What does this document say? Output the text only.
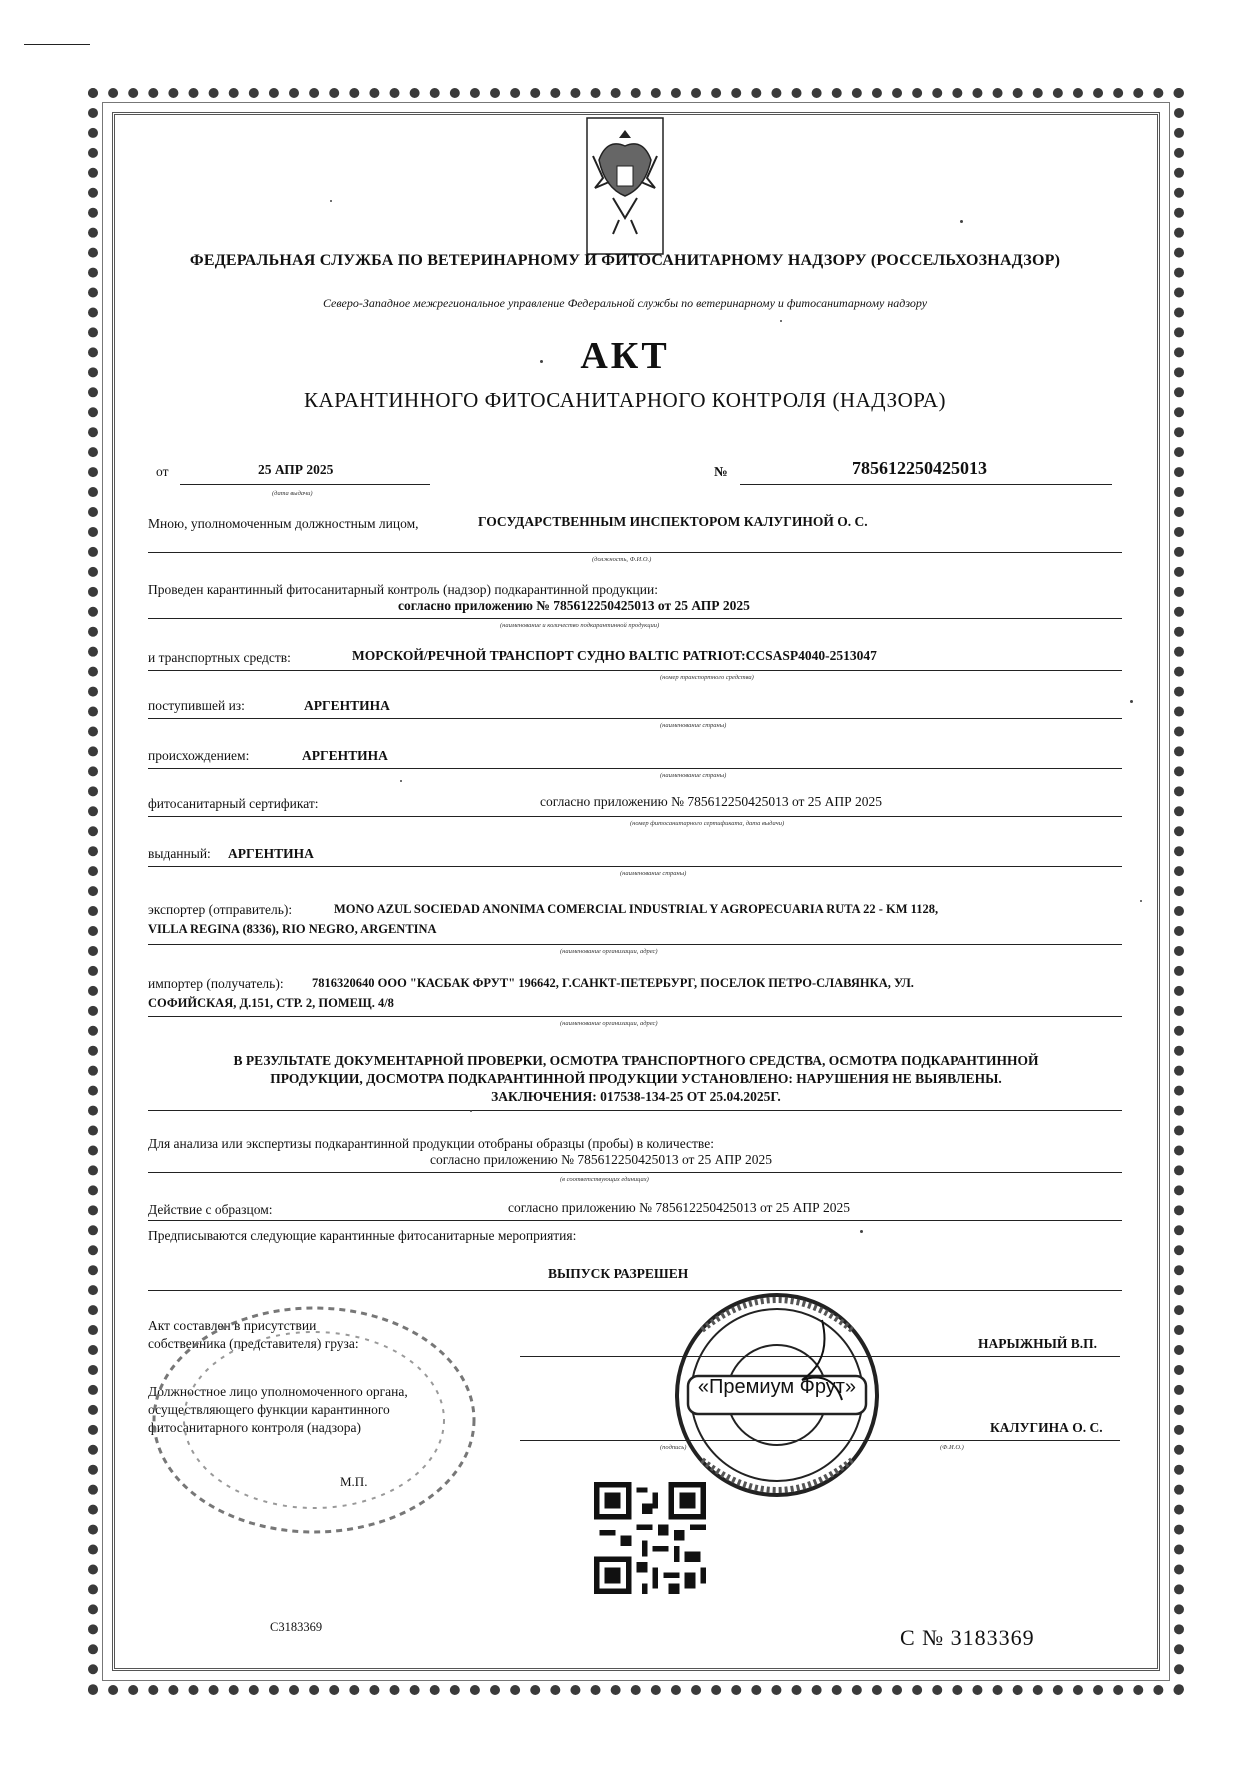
ФЕДЕРАЛЬНАЯ СЛУЖБА ПО ВЕТЕРИНАРНОМУ И ФИТОСАНИТАРНОМУ НАДЗОРУ (РОССЕЛЬХОЗНАДЗОР)
Северо-Западное межрегиональное управление Федеральной службы по ветеринарному и фитосанитарному надзору
АКТ
КАРАНТИННОГО ФИТОСАНИТАРНОГО КОНТРОЛЯ (НАДЗОРА)
от	25 АПР 2025	№	785612250425013
(дата выдачи)
Мною, уполномоченным должностным лицом,	ГОСУДАРСТВЕННЫМ ИНСПЕКТОРОМ КАЛУГИНОЙ О. С.
(должность, Ф.И.О.)
Проведен карантинный фитосанитарный контроль (надзор) подкарантинной продукции:
согласно приложению № 785612250425013 от 25 АПР 2025
(наименование и количество подкарантинной продукции)
и транспортных средств:	МОРСКОЙ/РЕЧНОЙ ТРАНСПОРТ СУДНО BALTIC PATRIOT:CCSASP4040-2513047
(номер транспортного средства)
поступившей из:	АРГЕНТИНА
(наименование страны)
происхождением:	АРГЕНТИНА
(наименование страны)
фитосанитарный сертификат:	согласно приложению № 785612250425013 от 25 АПР 2025
(номер фитосанитарного сертификата, дата выдачи)
выданный: АРГЕНТИНА
(наименование страны)
экспортер (отправитель):	MONO AZUL SOCIEDAD ANONIMA COMERCIAL INDUSTRIAL Y AGROPECUARIA RUTA 22 - KM 1128,
VILLA REGINA (8336), RIO NEGRO, ARGENTINA
(наименование организации, адрес)
импортер (получатель): 7816320640 ООО "КАСБАК ФРУТ" 196642, Г.САНКТ-ПЕТЕРБУРГ, ПОСЕЛОК ПЕТРО-СЛАВЯНКА, УЛ.
СОФИЙСКАЯ, Д.151, СТР. 2, ПОМЕЩ. 4/8
(наименование организации, адрес)
В РЕЗУЛЬТАТЕ ДОКУМЕНТАРНОЙ ПРОВЕРКИ, ОСМОТРА ТРАНСПОРТНОГО СРЕДСТВА, ОСМОТРА ПОДКАРАНТИННОЙ
ПРОДУКЦИИ, ДОСМОТРА ПОДКАРАНТИННОЙ ПРОДУКЦИИ УСТАНОВЛЕНО: НАРУШЕНИЯ НЕ ВЫЯВЛЕНЫ.
ЗАКЛЮЧЕНИЯ: 017538-134-25 ОТ 25.04.2025Г.
Для анализа или экспертизы подкарантинной продукции отобраны образцы (пробы) в количестве:
согласно приложению № 785612250425013 от 25 АПР 2025
(в соответствующих единицах)
Действие с образцом:	согласно приложению № 785612250425013 от 25 АПР 2025
Предписываются следующие карантинные фитосанитарные мероприятия:
ВЫПУСК РАЗРЕШЕН
Акт составлен в присутствии
собственника (представителя) груза:	НАРЫЖНЫЙ В.П.
Должностное лицо уполномоченного органа,
осуществляющего функции карантинного
фитосанитарного контроля (надзора)	КАЛУГИНА О. С.
(подпись)	(Ф.И.О.)
«Премиум Фрут»
М.П.
С3183369	С № 3183369
